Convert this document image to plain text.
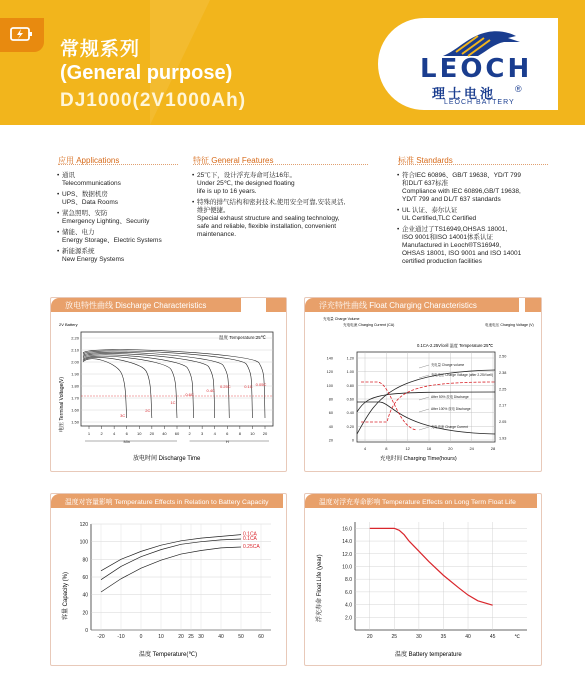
常规系列
(General purpose)
DJ1000(2V1000Ah)
LEOCH
®
理士电池
LEOCH BATTERY
应用 Applications
• 通讯
Telecommunications
• UPS、数据机房
UPS、Data Rooms
• 紧急照明、安防
Emergency Lighting、Security
• 储能、电力
Energy Storage、Electric Systems
• 新能源系统
New Energy Systems
特征 General Features
• 25℃下，设计浮充寿命可达16年。
Under 25℃, the designed floating
life is up to 16 years.
• 特殊的排气结构和密封技术,使用安全可靠,安装灵活,
维护便捷。
Special exhaust structure and sealing technology,
safe and reliable, flexible installation, convenient
maintenance.
标准 Standards
• 符合IEC 60896、GB/T 19638、YD/T 799
和DL/T 637标准
Compliance with IEC 60896,GB/T 19638,
YD/T 799 and DL/T 637 standards
• UL 认证、泰尔认证
UL Certified,TLC Certified
• 企业通过了TS16949,OHSAS 18001,
ISO 9001和ISO 14001体系认证
Manufactured in Leoch®TS16949,
OHSAS 18001, ISO 9001 and ISO 14001
certified production facilities
放电特性曲线 Discharge Characteristics
2V Battery
温度 Temperature:25℃
电压 Terminal Voltage(V)
放电时间 Discharge Time
2.20
2.10
2.00
1.90
1.80
1.70
1.60
1.50
1	2	4	6 10 20 40 60 2	3	4	6	8 10 20
Min	H
3C
2C
1C
0.6C
0.4C
0.25C	0.1C 0.05C
浮充特性曲线 Float Charging Characteristics
充电量 Charge Volume
充电电流 Charging Current (CA)	电池电压 Charging Voltage (V)
0.1CA-2.25V/cell 温度 Temperature:25℃
充电时间 Charging Time(hours)
140	1.20
120	1.00
100	0.80
80	0.60
60	0.40
40	0.20
20	0
2.50
2.38
2.25
2.17
2.05
1.93
4	8	12	16	20	24	28
充电量 Charge volume
充电电压 Charge Voltage (after 2.25V/cell)
After 50% 放电 Discharge
After 100% 放电 Discharge
充电电流 Charge Current
温度对容量影响 Temperature Effects in Relation to Battery Capacity
容量 Capacity (%)
温度 Temperature(℃)
120
100
80
60
40
20
0
-20	-10	0	10	20 25 30	40	50	60
0.1CA
0.1CA
0.25CA
温度对浮充寿命影响 Temperature Effects on Long Term Float Life
浮充寿命 Float Life (year)
温度 Battery temperature
16.0
14.0
12.0
10.0
8.0
6.0
4.0
2.0
20	25	30	35	40	45	℃
